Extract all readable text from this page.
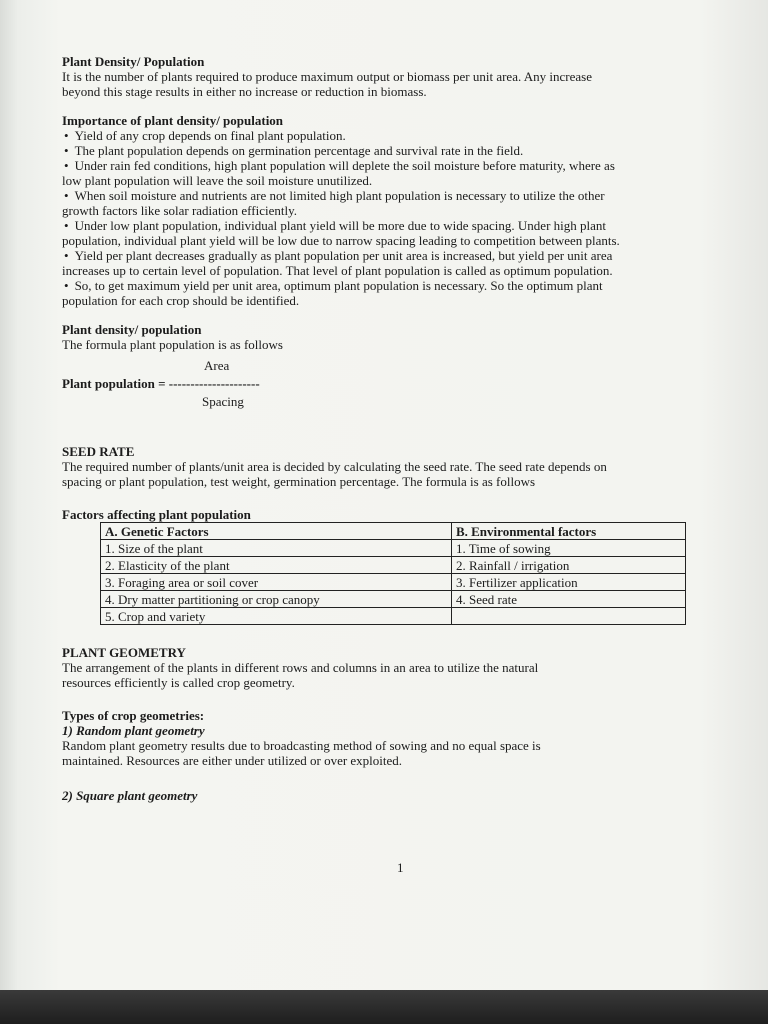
Plant Density/ Population
It is the number of plants required to produce maximum output or biomass per unit area. Any increase
beyond this stage results in either no increase or reduction in biomass.
Importance of plant density/ population
• Yield of any crop depends on final plant population.
• The plant population depends on germination percentage and survival rate in the field.
• Under rain fed conditions, high plant population will deplete the soil moisture before maturity, where as
low plant population will leave the soil moisture unutilized.
• When soil moisture and nutrients are not limited high plant population is necessary to utilize the other
growth factors like solar radiation efficiently.
• Under low plant population, individual plant yield will be more due to wide spacing. Under high plant
population, individual plant yield will be low due to narrow spacing leading to competition between plants.
• Yield per plant decreases gradually as plant population per unit area is increased, but yield per unit area
increases up to certain level of population. That level of plant population is called as optimum population.
• So, to get maximum yield per unit area, optimum plant population is necessary. So the optimum plant
population for each crop should be identified.
Plant density/ population
The formula plant population is as follows
Area
Plant population = ---------------------
Spacing
SEED RATE
The required number of plants/unit area is decided by calculating the seed rate. The seed rate depends on
spacing or plant population, test weight, germination percentage. The formula is as follows
Factors affecting plant population
A. Genetic Factors	B. Environmental factors
1. Size of the plant	1. Time of sowing
2. Elasticity of the plant	2. Rainfall / irrigation
3. Foraging area or soil cover	3. Fertilizer application
4. Dry matter partitioning or crop canopy	4. Seed rate
5. Crop and variety	
PLANT GEOMETRY
The arrangement of the plants in different rows and columns in an area to utilize the natural
resources efficiently is called crop geometry.
Types of crop geometries:
1) Random plant geometry
Random plant geometry results due to broadcasting method of sowing and no equal space is
maintained. Resources are either under utilized or over exploited.
2) Square plant geometry
1
